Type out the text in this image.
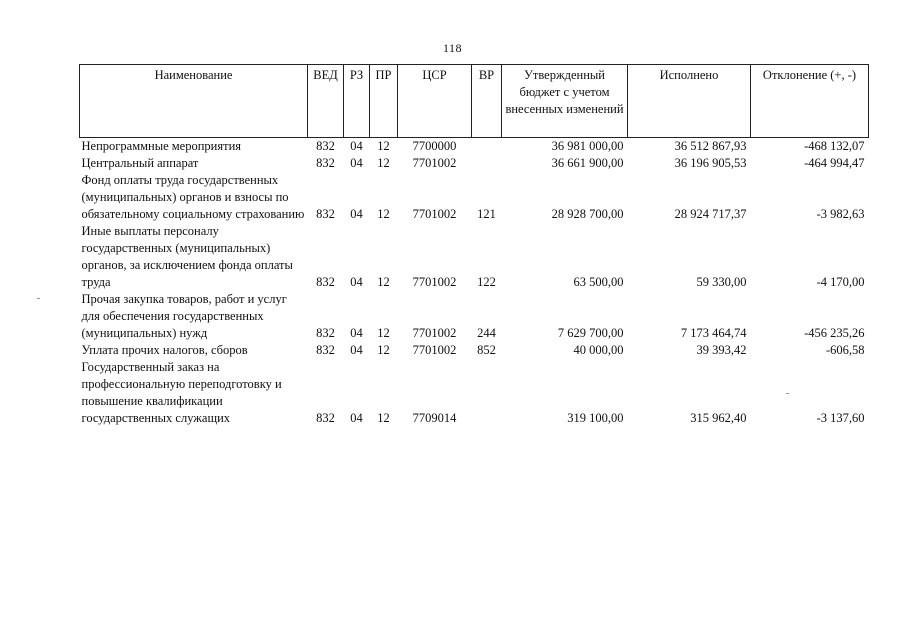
118
Наименование	ВЕД	РЗ	ПР	ЦСР	ВР	Утвержденный бюджет с учетом внесенных изменений	Исполнено	Отклонение (+, -)
Непрограммные мероприятия	832	04	12	7700000		36 981 000,00	36 512 867,93	-468 132,07
Центральный аппарат	832	04	12	7701002		36 661 900,00	36 196 905,53	-464 994,47
Фонд оплаты труда государственных (муниципальных) органов и взносы по обязательному социальному страхованию	832	04	12	7701002	121	28 928 700,00	28 924 717,37	-3 982,63
Иные выплаты персоналу государственных (муниципальных) органов, за исключением фонда оплаты труда	832	04	12	7701002	122	63 500,00	59 330,00	-4 170,00
Прочая закупка товаров, работ и услуг для обеспечения государственных (муниципальных) нужд	832	04	12	7701002	244	7 629 700,00	7 173 464,74	-456 235,26
Уплата прочих налогов, сборов	832	04	12	7701002	852	40 000,00	39 393,42	-606,58
Государственный заказ на профессиональную переподготовку и повышение квалификации государственных служащих	832	04	12	7709014		319 100,00	315 962,40	-3 137,60
